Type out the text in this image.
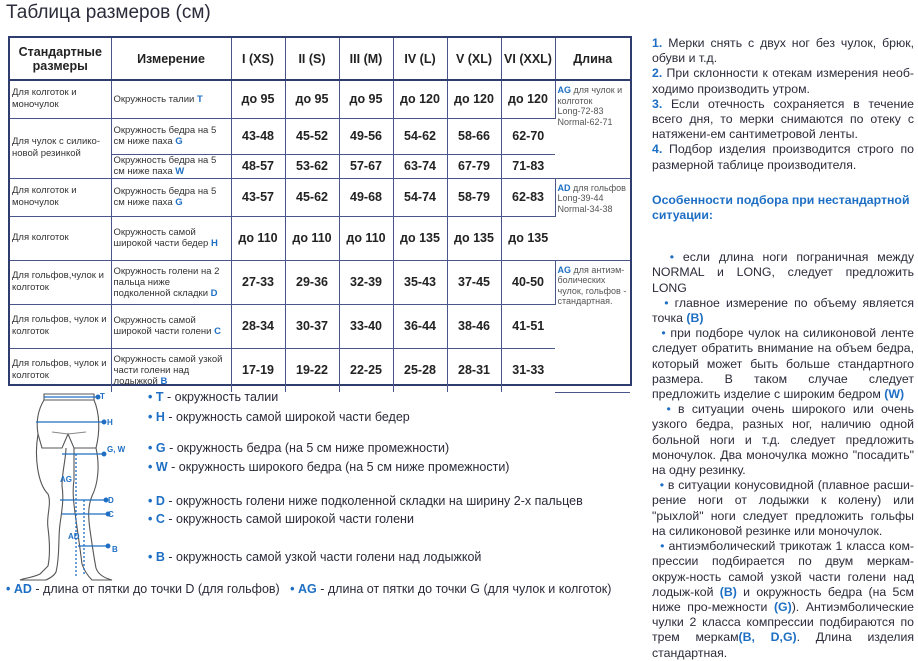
Таблица размеров (см)
Стандартные размеры	Измерение	I (XS)	II (S)	III (M)	IV (L)	V (XL)	VI (XXL)	Длина
Для колготок и моночулок	Окружность талии T	до 95	до 95	до 95	до 120	до 120	до 120	AG для чулок и колготок
Long-72-83
Normal-62-71
Для чулок с силико-новой резинкой	Окружность бедра на 5 см ниже паха G	43-48	45-52	49-56	54-62	58-66	62-70	
	Окружность бедра на 5 см ниже паха W	48-57	53-62	57-67	63-74	67-79	71-83	
Для колготок и моночулок	Окружность бедра на 5 см ниже паха G	43-57	45-62	49-68	54-74	58-79	62-83	AD для гольфов
Long-39-44
Normal-34-38
Для колготок	Окружность самой широкой части бедер H	до 110	до 110	до 110	до 135	до 135	до 135	
Для гольфов,чулок и колготок	Окружность голени на 2 пальца ниже подколенной складки D	27-33	29-36	32-39	35-43	37-45	40-50	AG для антиэм-болических чулок, гольфов - стандартная.
Для гольфов, чулок и колготок	Окружность самой широкой части голени C	28-34	30-37	33-40	36-44	38-46	41-51	
Для гольфов, чулок и колготок	Окружность самой узкой части голени над лодыжкой B	17-19	19-22	22-25	25-28	28-31	31-33	
T
H
G, W
AG
D
C
AD
B
• T - окружность талии
• H - окружность самой широкой части бедер
• G - окружность бедра (на 5 см ниже промежности)
• W - окружность широкого бедра (на 5 см ниже промежности)
• D - окружность голени ниже подколенной складки на ширину 2-х пальцев
• C - окружность самой широкой части голени
• B - окружность самой узкой части голени над лодыжкой
• AD - длина от пятки до точки D (для гольфов) • AG - длина от пятки до точки G (для чулок и колготок)
1. Мерки снять с двух ног без чулок, брюк, обуви и т.д.
2. При склонности к отекам измерения необ-ходимо производить утром.
3. Если отечность сохраняется в течение всего дня, то мерки снимаются по отеку с натяжени-ем сантиметровой ленты.
4. Подбор изделия производится строго по размерной таблице производителя.
Особенности подбора при нестандартной ситуации:
• если длина ноги пограничная между NORMAL и LONG, следует предложить LONG
• главное измерение по объему является точка (B)
• при подборе чулок на силиконовой ленте следует обратить внимание на объем бедра, который может быть больше стандартного размера. В таком случае следует предложить изделие с широким бедром (W)
• в ситуации очень широкого или очень узкого бедра, разных ног, наличию одной больной ноги и т.д. следует предложить моночулок. Два моночулка можно "посадить" на одну резинку.
• в ситуации конусовидной (плавное расши-рение ноги от лодыжки к колену) или "рыхлой" ноги следует предложить гольфы на силиконовой резинке или моночулок.
• антиэмболический трикотаж 1 класса ком-прессии подбирается по двум меркам- окруж-ность самой узкой части голени над лодыж-кой (B) и окружность бедра (на 5см ниже про-межности (G)). Антиэмболические чулки 2 класса компрессии подбираются по трем меркам(B, D,G). Длина изделия стандартная.
